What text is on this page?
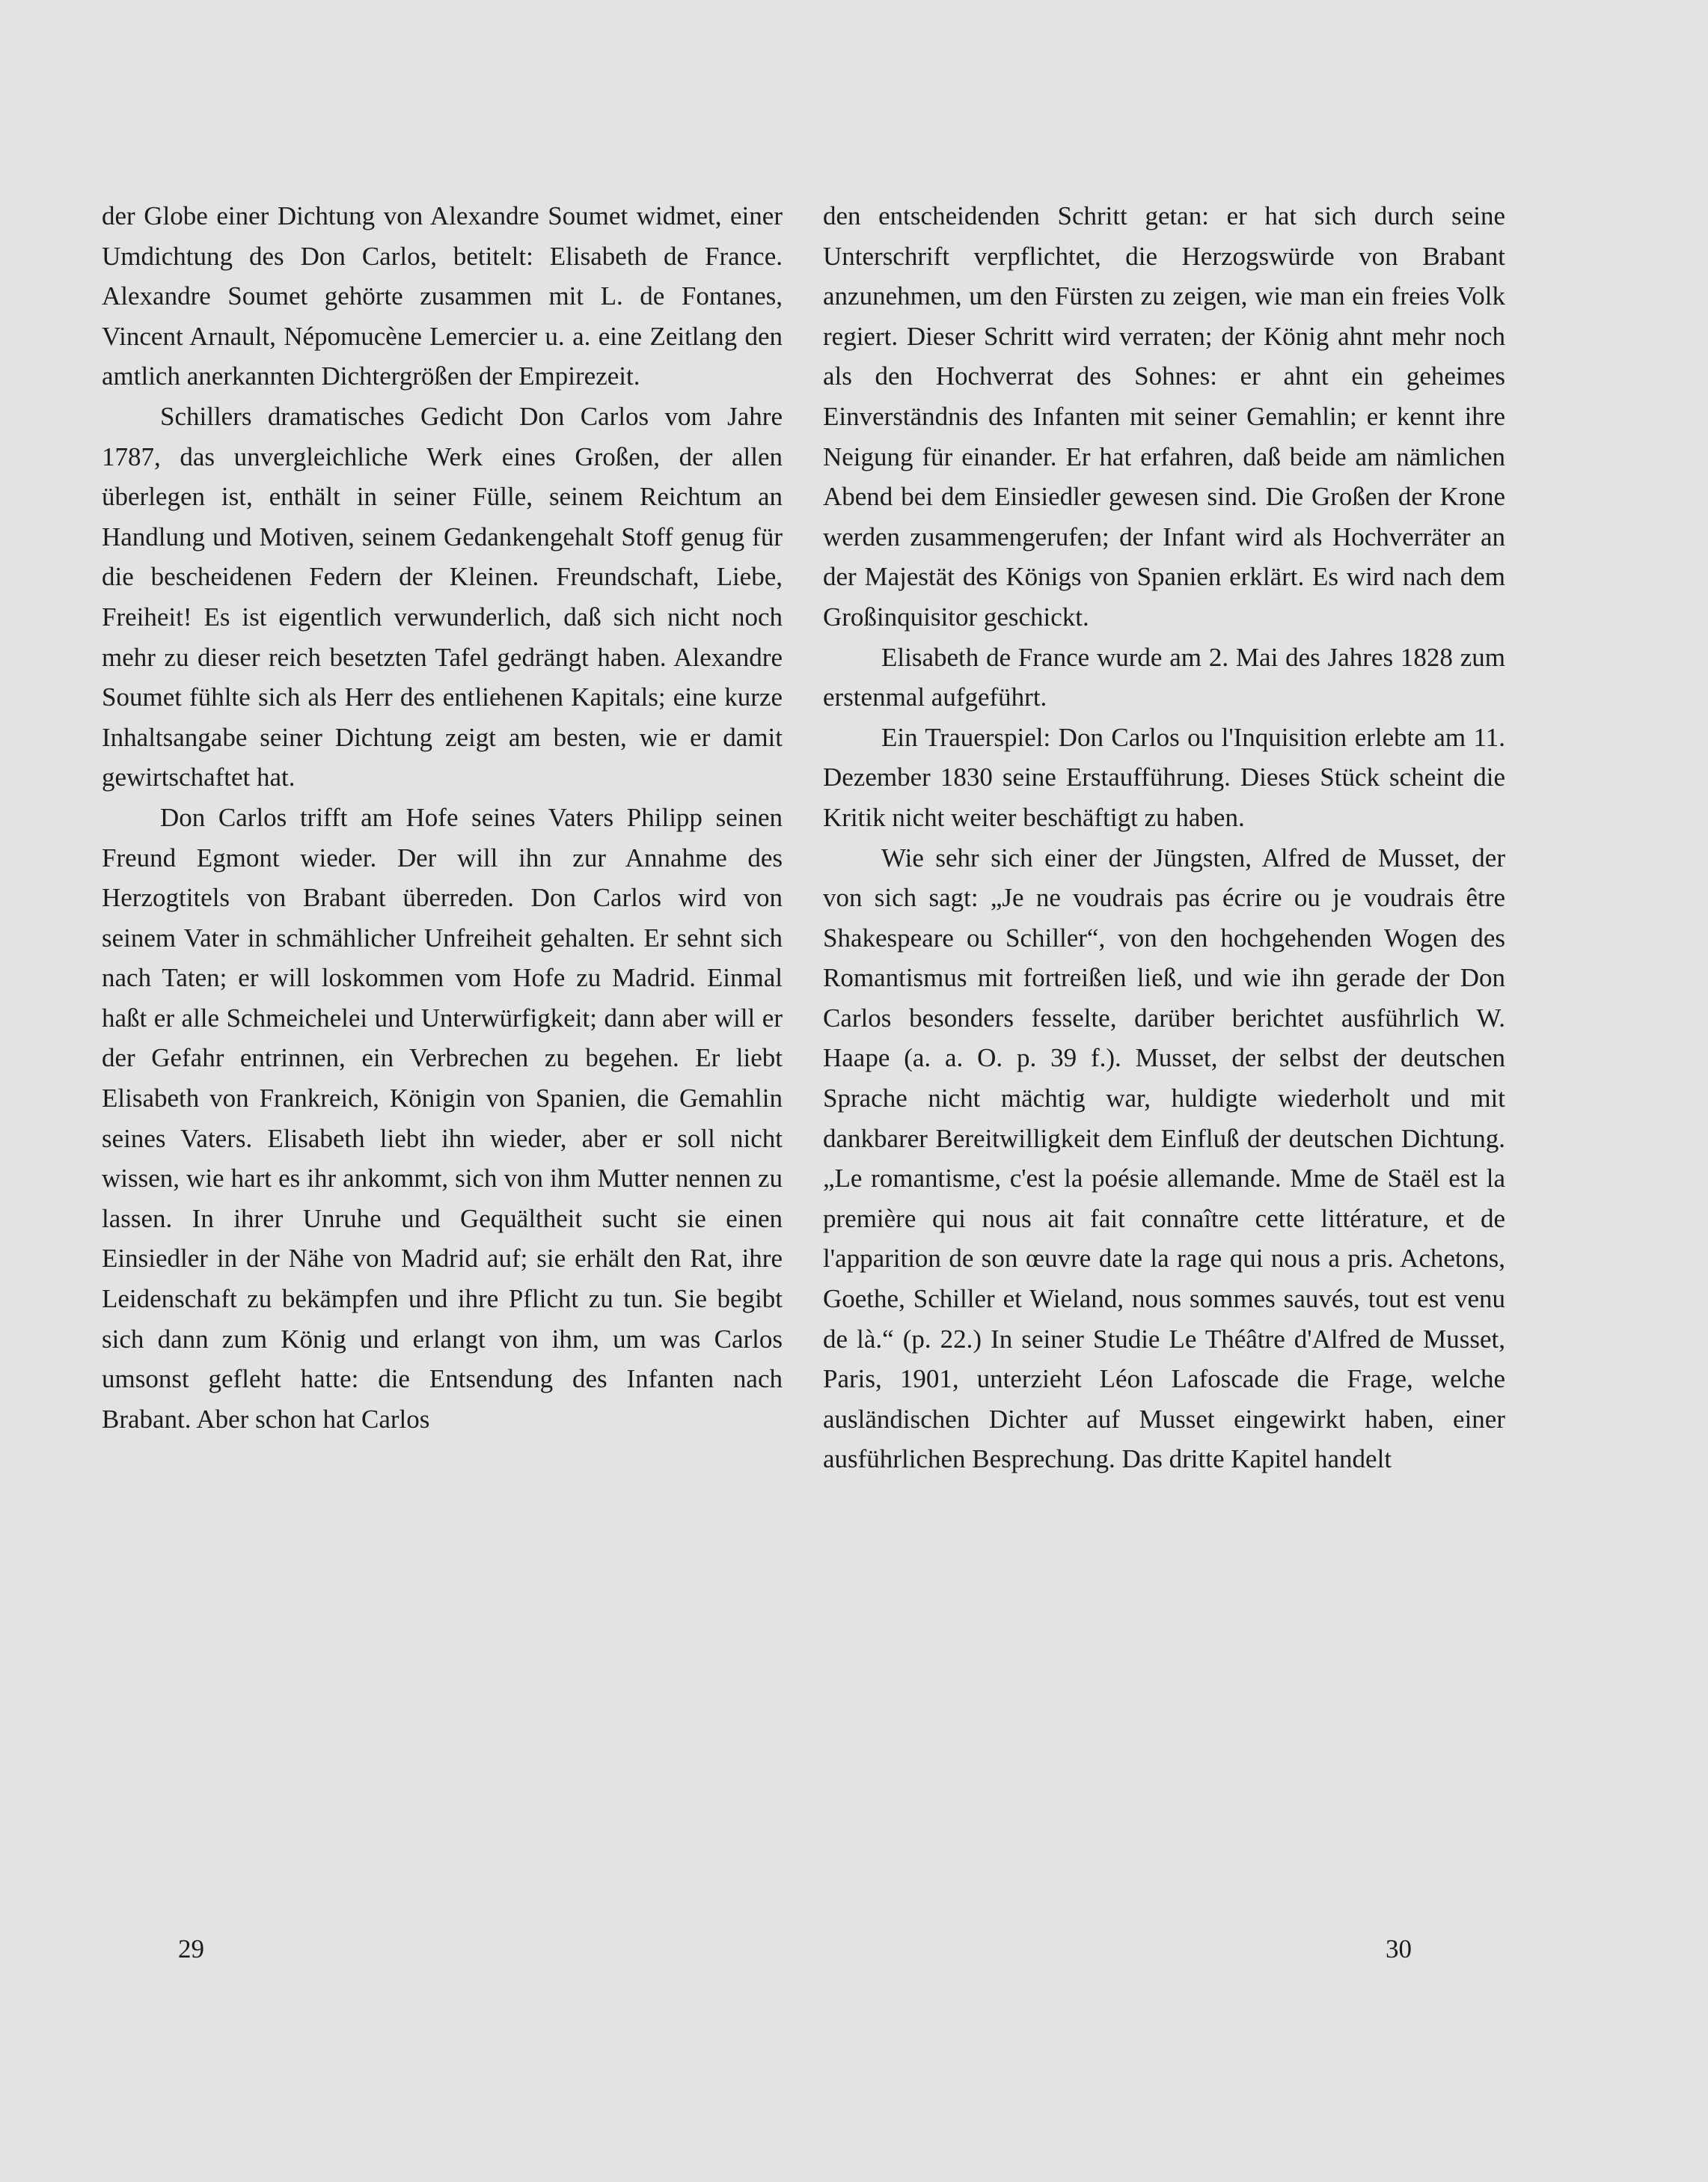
der Globe einer Dichtung von Alexandre Soumet widmet, einer Umdichtung des Don Carlos, betitelt: Elisabeth de France. Alexandre Soumet gehörte zusammen mit L. de Fontanes, Vincent Arnault, Népomucène Lemercier u. a. eine Zeitlang den amtlich anerkannten Dichtergrößen der Empirezeit.

Schillers dramatisches Gedicht Don Carlos vom Jahre 1787, das unvergleichliche Werk eines Großen, der allen überlegen ist, enthält in seiner Fülle, seinem Reichtum an Handlung und Motiven, seinem Gedankengehalt Stoff genug für die bescheidenen Federn der Kleinen. Freundschaft, Liebe, Freiheit! Es ist eigentlich verwunderlich, daß sich nicht noch mehr zu dieser reich besetzten Tafel gedrängt haben. Alexandre Soumet fühlte sich als Herr des entliehenen Kapitals; eine kurze Inhaltsangabe seiner Dichtung zeigt am besten, wie er damit gewirtschaftet hat.

Don Carlos trifft am Hofe seines Vaters Philipp seinen Freund Egmont wieder. Der will ihn zur Annahme des Herzogtitels von Brabant überreden. Don Carlos wird von seinem Vater in schmählicher Unfreiheit gehalten. Er sehnt sich nach Taten; er will loskommen vom Hofe zu Madrid. Einmal haßt er alle Schmeichelei und Unterwürfigkeit; dann aber will er der Gefahr entrinnen, ein Verbrechen zu begehen. Er liebt Elisabeth von Frankreich, Königin von Spanien, die Gemahlin seines Vaters. Elisabeth liebt ihn wieder, aber er soll nicht wissen, wie hart es ihr ankommt, sich von ihm Mutter nennen zu lassen. In ihrer Unruhe und Gequältheit sucht sie einen Einsiedler in der Nähe von Madrid auf; sie erhält den Rat, ihre Leidenschaft zu bekämpfen und ihre Pflicht zu tun. Sie begibt sich dann zum König und erlangt von ihm, um was Carlos umsonst gefleht hatte: die Entsendung des Infanten nach Brabant. Aber schon hat Carlos

29

den entscheidenden Schritt getan: er hat sich durch seine Unterschrift verpflichtet, die Herzogswürde von Brabant anzunehmen, um den Fürsten zu zeigen, wie man ein freies Volk regiert. Dieser Schritt wird verraten; der König ahnt mehr noch als den Hochverrat des Sohnes: er ahnt ein geheimes Einverständnis des Infanten mit seiner Gemahlin; er kennt ihre Neigung für einander. Er hat erfahren, daß beide am nämlichen Abend bei dem Einsiedler gewesen sind. Die Großen der Krone werden zusammengerufen; der Infant wird als Hochverräter an der Majestät des Königs von Spanien erklärt. Es wird nach dem Großinquisitor geschickt.

Elisabeth de France wurde am 2. Mai des Jahres 1828 zum erstenmal aufgeführt.

Ein Trauerspiel: Don Carlos ou l'Inquisition erlebte am 11. Dezember 1830 seine Erstaufführung. Dieses Stück scheint die Kritik nicht weiter beschäftigt zu haben.

Wie sehr sich einer der Jüngsten, Alfred de Musset, der von sich sagt: „Je ne voudrais pas écrire ou je voudrais être Shakespeare ou Schiller“, von den hochgehenden Wogen des Romantismus mit fortreißen ließ, und wie ihn gerade der Don Carlos besonders fesselte, darüber berichtet ausführlich W. Haape (a. a. O. p. 39 f.). Musset, der selbst der deutschen Sprache nicht mächtig war, huldigte wiederholt und mit dankbarer Bereitwilligkeit dem Einfluß der deutschen Dichtung. „Le romantisme, c'est la poésie allemande. Mme de Staël est la première qui nous ait fait connaître cette littérature, et de l'apparition de son œuvre date la rage qui nous a pris. Achetons, Goethe, Schiller et Wieland, nous sommes sauvés, tout est venu de là.“ (p. 22.) In seiner Studie Le Théâtre d'Alfred de Musset, Paris, 1901, unterzieht Léon Lafoscade die Frage, welche ausländischen Dichter auf Musset eingewirkt haben, einer ausführlichen Besprechung. Das dritte Kapitel handelt

30
